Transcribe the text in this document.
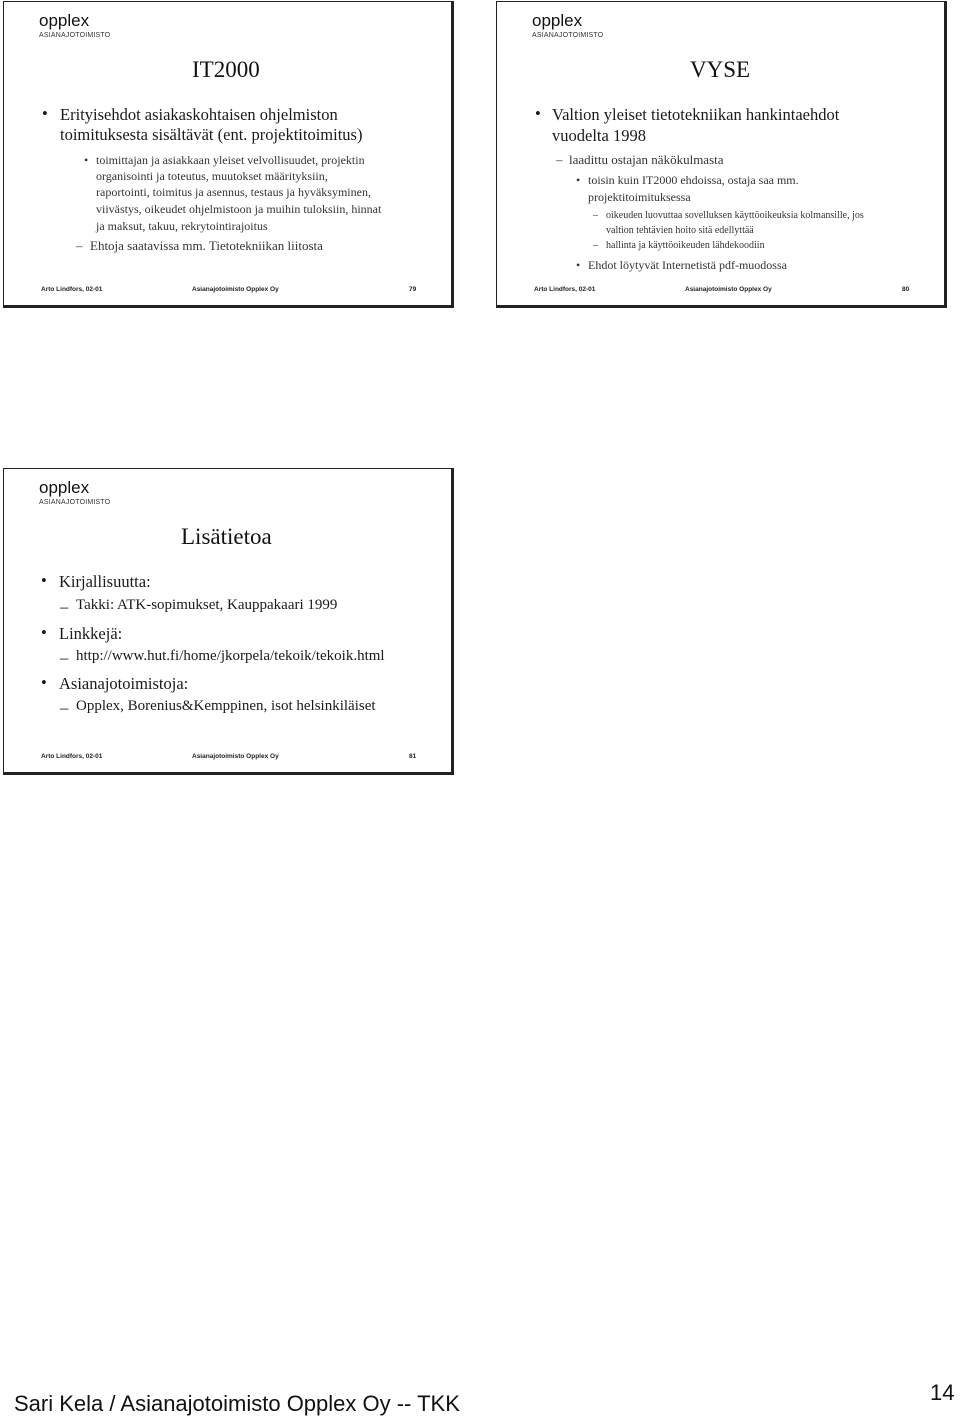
opplex
ASIANAJOTOIMISTO
IT2000
• Erityisehdot asiakaskohtaisen ohjelmiston
toimituksesta sisältävät (ent. projektitoimitus)
• toimittajan ja asiakkaan yleiset velvollisuudet, projektin
organisointi ja toteutus, muutokset määrityksiin,
raportointi, toimitus ja asennus, testaus ja hyväksyminen,
viivästys, oikeudet ohjelmistoon ja muihin tuloksiin, hinnat
ja maksut, takuu, rekrytointirajoitus
– Ehtoja saatavissa mm. Tietotekniikan liitosta
Arto Lindfors, 02-01	Asianajotoimisto Opplex Oy	79
opplex
ASIANAJOTOIMISTO
VYSE
• Valtion yleiset tietotekniikan hankintaehdot
vuodelta 1998
– laadittu ostajan näkökulmasta
• toisin kuin IT2000 ehdoissa, ostaja saa mm.
projektitoimituksessa
– oikeuden luovuttaa sovelluksen käyttöoikeuksia kolmansille, jos
valtion tehtävien hoito sitä edellyttää
– hallinta ja käyttöoikeuden lähdekoodiin
• Ehdot löytyvät Internetistä pdf-muodossa
Arto Lindfors, 02-01	Asianajotoimisto Opplex Oy	80
opplex
ASIANAJOTOIMISTO
Lisätietoa
• Kirjallisuutta:
– Takki: ATK-sopimukset, Kauppakaari 1999
• Linkkejä:
– http://www.hut.fi/home/jkorpela/tekoik/tekoik.html
• Asianajotoimistoja:
– Opplex, Borenius&Kemppinen, isot helsinkiläiset
Arto Lindfors, 02-01	Asianajotoimisto Opplex Oy	81
Sari Kela / Asianajotoimisto Opplex Oy -- TKK	14
